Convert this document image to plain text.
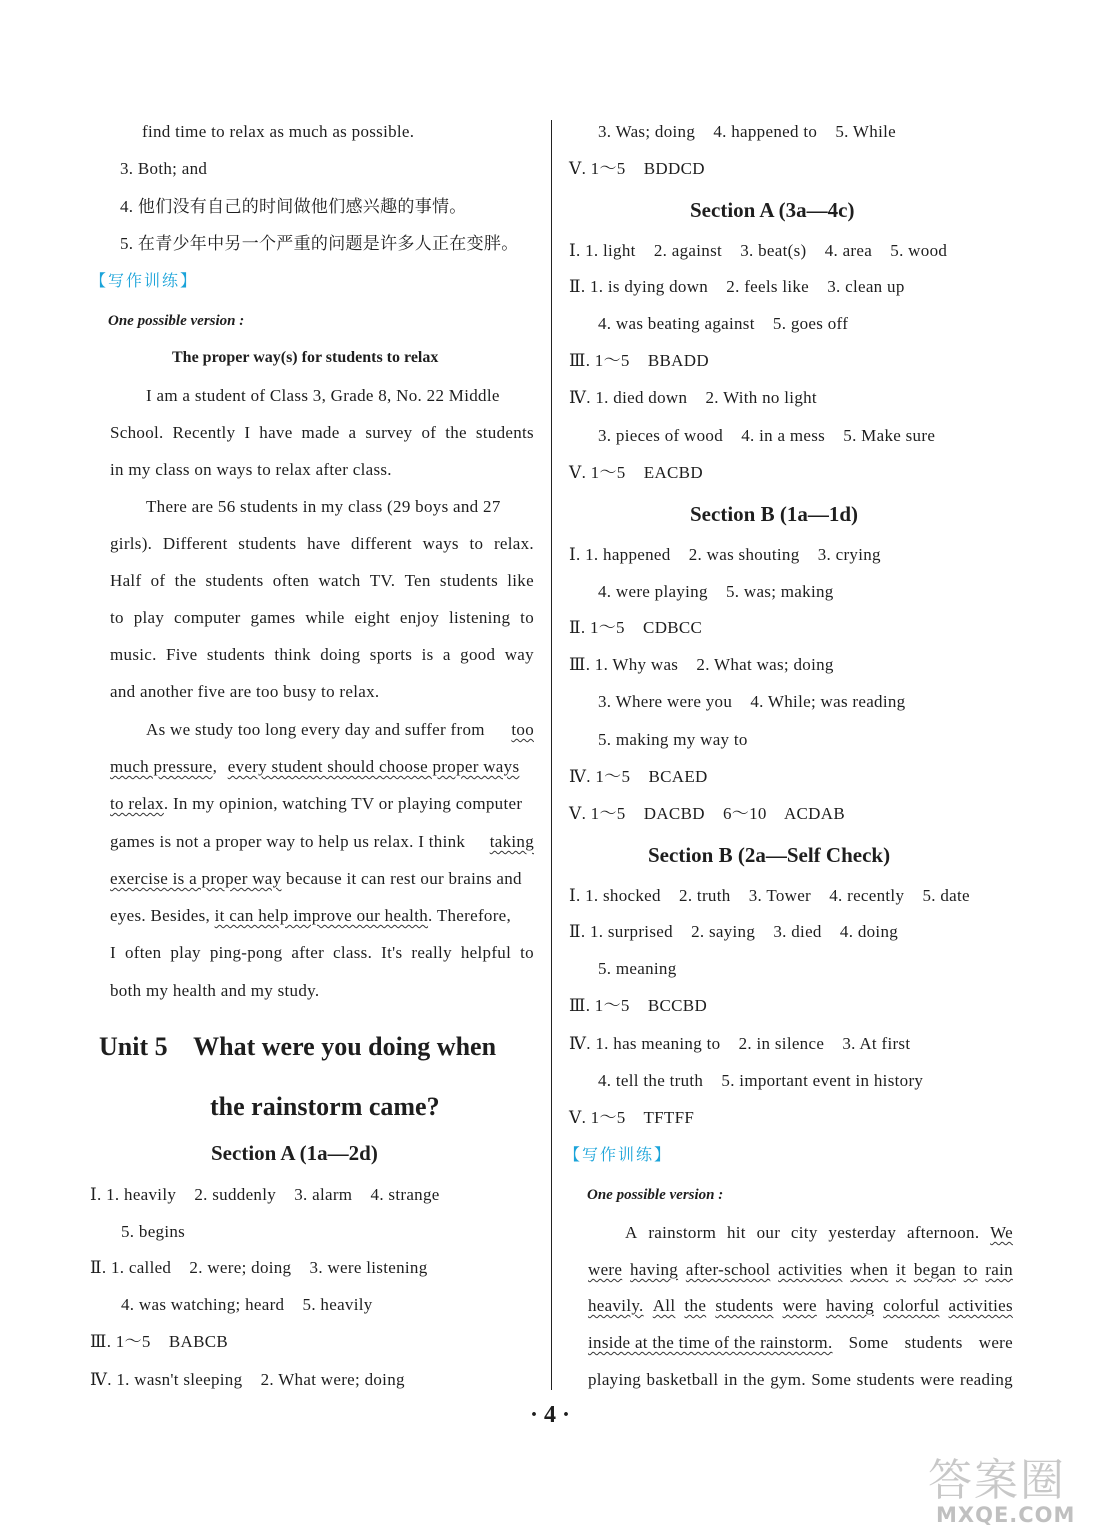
find time to relax as much as possible.
3. Both; and
4. 他们没有自己的时间做他们感兴趣的事情。
5. 在青少年中另一个严重的问题是许多人正在变胖。
【写作训练】
One possible version :
The proper way(s) for students to relax
I am a student of Class 3, Grade 8, No. 22 Middle
School. Recently I have made a survey of the students
in my class on ways to relax after class.
There are 56 students in my class (29 boys and 27
girls). Different students have different ways to relax.
Half of the students often watch TV. Ten students like
to play computer games while eight enjoy listening to
music. Five students think doing sports is a good way
and another five are too busy to relax.
As we study too long every day and suffer from too
much pressure, every student should choose proper ways
to relax. In my opinion, watching TV or playing computer
games is not a proper way to help us relax. I think taking
exercise is a proper way because it can rest our brains and
eyes. Besides, it can help improve our health. Therefore,
I often play ping-pong after class. It's really helpful to
both my health and my study.
Unit 5    What were you doing when
the rainstorm came?
Section A (1a—2d)
Ⅰ. 1. heavily    2. suddenly    3. alarm    4. strange
5. begins
Ⅱ. 1. called    2. were; doing    3. were listening
4. was watching; heard    5. heavily
Ⅲ. 1～5    BABCB
Ⅳ. 1. wasn't sleeping    2. What were; doing
3. Was; doing    4. happened to    5. While
Ⅴ. 1～5    BDDCD
Section A (3a—4c)
Ⅰ. 1. light    2. against    3. beat(s)    4. area    5. wood
Ⅱ. 1. is dying down    2. feels like    3. clean up
4. was beating against    5. goes off
Ⅲ. 1～5    BBADD
Ⅳ. 1. died down    2. With no light
3. pieces of wood    4. in a mess    5. Make sure
Ⅴ. 1～5    EACBD
Section B (1a—1d)
Ⅰ. 1. happened    2. was shouting    3. crying
4. were playing    5. was; making
Ⅱ. 1～5    CDBCC
Ⅲ. 1. Why was    2. What was; doing
3. Where were you    4. While; was reading
5. making my way to
Ⅳ. 1～5    BCAED
Ⅴ. 1～5    DACBD    6～10    ACDAB
Section B (2a—Self Check)
Ⅰ. 1. shocked    2. truth    3. Tower    4. recently    5. date
Ⅱ. 1. surprised    2. saying    3. died    4. doing
5. meaning
Ⅲ. 1～5    BCCBD
Ⅳ. 1. has meaning to    2. in silence    3. At first
4. tell the truth    5. important event in history
Ⅴ. 1～5    TFTFF
【写作训练】
One possible version :
A rainstorm hit our city yesterday afternoon. We
were having after-school activities when it began to rain
heavily. All the students were having colorful activities
inside at the time of the rainstorm. Some students were
playing basketball in the gym. Some students were reading
· 4 ·
答案圈
MXQE.COM
